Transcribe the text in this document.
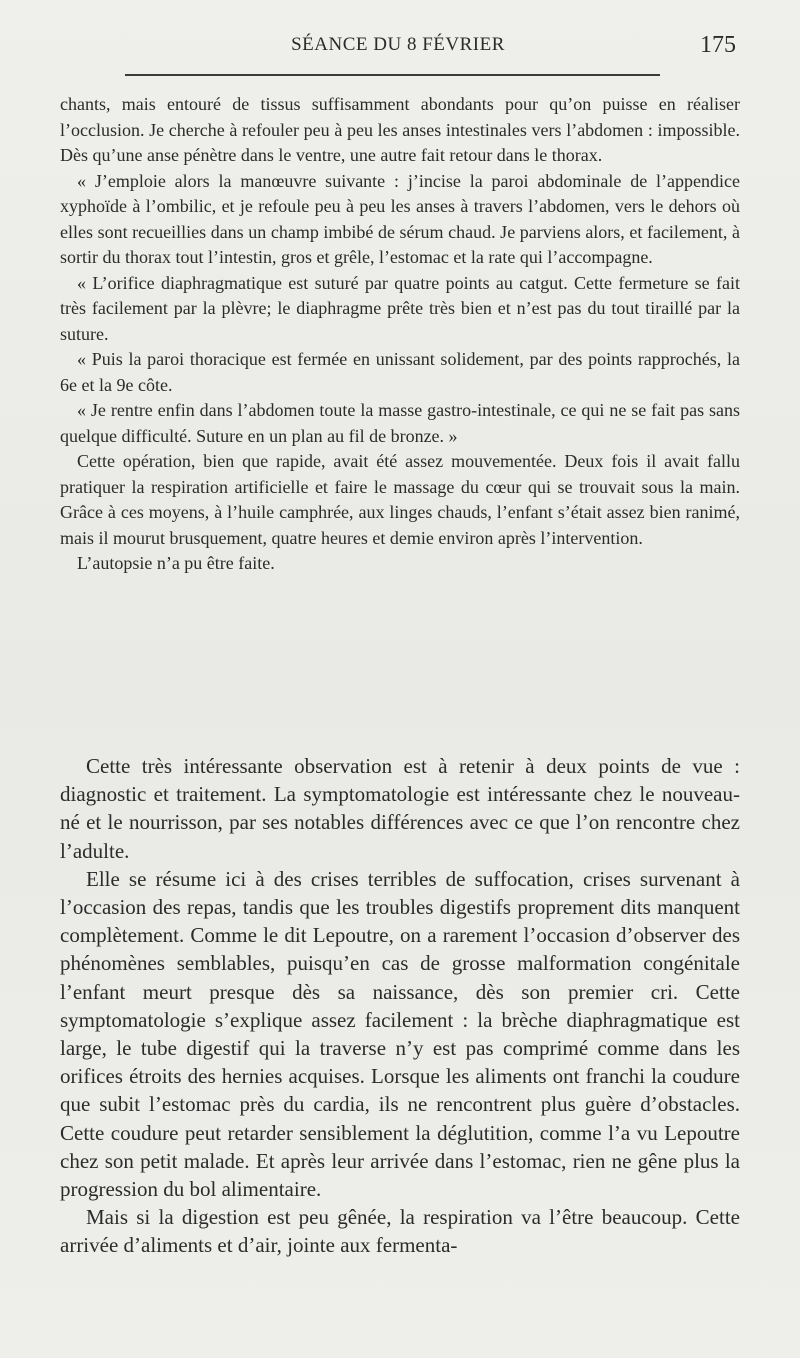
SÉANCE DU 8 FÉVRIER	175

chants, mais entouré de tissus suffisamment abondants pour qu’on puisse en réaliser l’occlusion. Je cherche à refouler peu à peu les anses intestinales vers l’abdomen : impossible. Dès qu’une anse pénètre dans le ventre, une autre fait retour dans le thorax.

« J’emploie alors la manœuvre suivante : j’incise la paroi abdominale de l’appendice xyphoïde à l’ombilic, et je refoule peu à peu les anses à travers l’abdomen, vers le dehors où elles sont recueillies dans un champ imbibé de sérum chaud. Je parviens alors, et facilement, à sortir du thorax tout l’intestin, gros et grêle, l’estomac et la rate qui l’accompagne.

« L’orifice diaphragmatique est suturé par quatre points au catgut. Cette fermeture se fait très facilement par la plèvre; le diaphragme prête très bien et n’est pas du tout tiraillé par la suture.

« Puis la paroi thoracique est fermée en unissant solidement, par des points rapprochés, la 6e et la 9e côte.

« Je rentre enfin dans l’abdomen toute la masse gastro-intestinale, ce qui ne se fait pas sans quelque difficulté. Suture en un plan au fil de bronze. »

Cette opération, bien que rapide, avait été assez mouvementée. Deux fois il avait fallu pratiquer la respiration artificielle et faire le massage du cœur qui se trouvait sous la main. Grâce à ces moyens, à l’huile camphrée, aux linges chauds, l’enfant s’était assez bien ranimé, mais il mourut brusquement, quatre heures et demie environ après l’intervention.

L’autopsie n’a pu être faite.

Cette très intéressante observation est à retenir à deux points de vue : diagnostic et traitement. La symptomatologie est intéressante chez le nouveau-né et le nourrisson, par ses notables différences avec ce que l’on rencontre chez l’adulte.

Elle se résume ici à des crises terribles de suffocation, crises survenant à l’occasion des repas, tandis que les troubles digestifs proprement dits manquent complètement. Comme le dit Lepoutre, on a rarement l’occasion d’observer des phénomènes semblables, puisqu’en cas de grosse malformation congénitale l’enfant meurt presque dès sa naissance, dès son premier cri. Cette symptomatologie s’explique assez facilement : la brèche diaphragmatique est large, le tube digestif qui la traverse n’y est pas comprimé comme dans les orifices étroits des hernies acquises. Lorsque les aliments ont franchi la coudure que subit l’estomac près du cardia, ils ne rencontrent plus guère d’obstacles. Cette coudure peut retarder sensiblement la déglutition, comme l’a vu Lepoutre chez son petit malade. Et après leur arrivée dans l’estomac, rien ne gêne plus la progression du bol alimentaire.

Mais si la digestion est peu gênée, la respiration va l’être beaucoup. Cette arrivée d’aliments et d’air, jointe aux fermenta-
